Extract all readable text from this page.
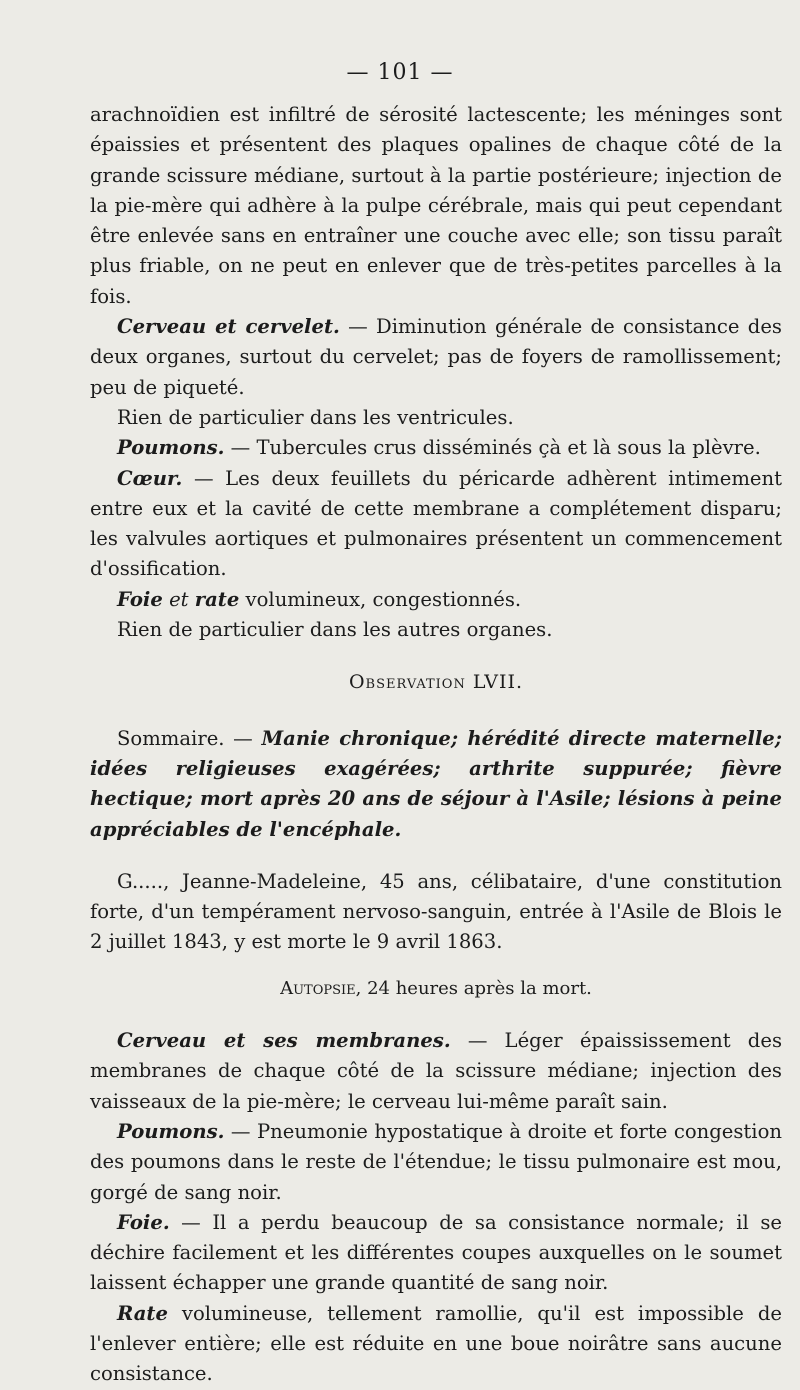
— 101 —

arachnoïdien est infiltré de sérosité lactescente; les méninges sont épaissies et présentent des plaques opalines de chaque côté de la grande scissure médiane, surtout à la partie postérieure; injection de la pie-mère qui adhère à la pulpe cérébrale, mais qui peut cependant être enlevée sans en entraîner une couche avec elle; son tissu paraît plus friable, on ne peut en enlever que de très-petites parcelles à la fois.

Cerveau et cervelet. — Diminution générale de consistance des deux organes, surtout du cervelet; pas de foyers de ramollissement; peu de piqueté.

Rien de particulier dans les ventricules.

Poumons. — Tubercules crus disséminés çà et là sous la plèvre.

Cœur. — Les deux feuillets du péricarde adhèrent intimement entre eux et la cavité de cette membrane a complétement disparu; les valvules aortiques et pulmonaires présentent un commencement d'ossification.

Foie et rate volumineux, congestionnés.

Rien de particulier dans les autres organes.

Observation LVII.

Sommaire. — Manie chronique; hérédité directe maternelle; idées religieuses exagérées; arthrite suppurée; fièvre hectique; mort après 20 ans de séjour à l'Asile; lésions à peine appréciables de l'encéphale.

G....., Jeanne-Madeleine, 45 ans, célibataire, d'une constitution forte, d'un tempérament nervoso-sanguin, entrée à l'Asile de Blois le 2 juillet 1843, y est morte le 9 avril 1863.

Autopsie, 24 heures après la mort.

Cerveau et ses membranes. — Léger épaississement des membranes de chaque côté de la scissure médiane; injection des vaisseaux de la pie-mère; le cerveau lui-même paraît sain.

Poumons. — Pneumonie hypostatique à droite et forte congestion des poumons dans le reste de l'étendue; le tissu pulmonaire est mou, gorgé de sang noir.

Foie. — Il a perdu beaucoup de sa consistance normale; il se déchire facilement et les différentes coupes auxquelles on le soumet laissent échapper une grande quantité de sang noir.

Rate volumineuse, tellement ramollie, qu'il est impossible de l'enlever entière; elle est réduite en une boue noirâtre sans aucune consistance.
